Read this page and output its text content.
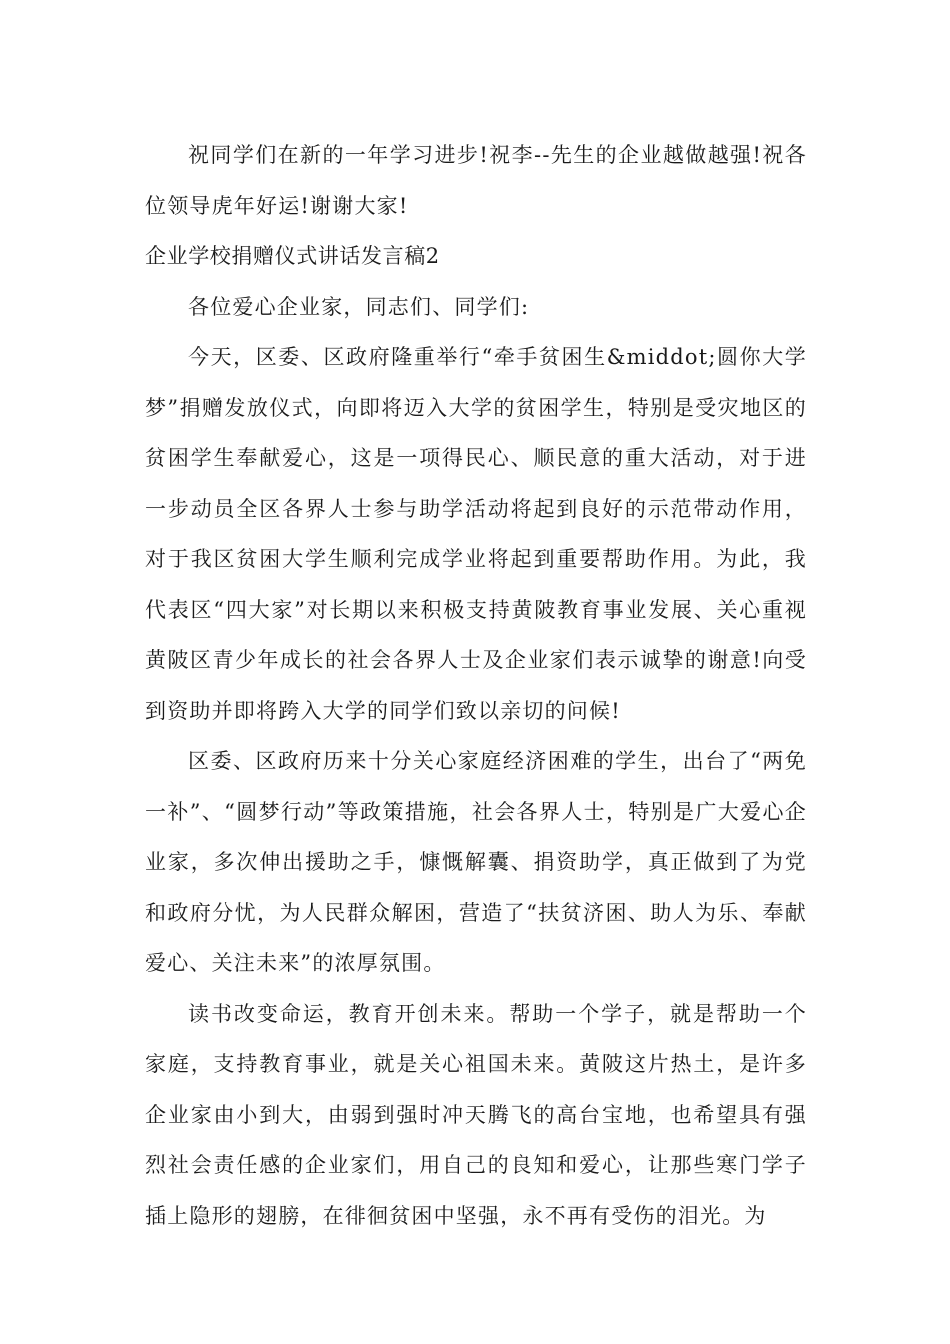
祝同学们在新的一年学习进步!祝李--先生的企业越做越强!祝各位领导虎年好运!谢谢大家!

企业学校捐赠仪式讲话发言稿2

各位爱心企业家，同志们、同学们:

今天，区委、区政府隆重举行“牵手贫困生&middot;圆你大学梦”捐赠发放仪式，向即将迈入大学的贫困学生，特别是受灾地区的贫困学生奉献爱心，这是一项得民心、顺民意的重大活动，对于进一步动员全区各界人士参与助学活动将起到良好的示范带动作用，对于我区贫困大学生顺利完成学业将起到重要帮助作用。为此，我代表区“四大家”对长期以来积极支持黄陂教育事业发展、关心重视黄陂区青少年成长的社会各界人士及企业家们表示诚挚的谢意!向受到资助并即将跨入大学的同学们致以亲切的问候!

区委、区政府历来十分关心家庭经济困难的学生，出台了“两免一补”、“圆梦行动”等政策措施，社会各界人士，特别是广大爱心企业家，多次伸出援助之手，慷慨解囊、捐资助学，真正做到了为党和政府分忧，为人民群众解困，营造了“扶贫济困、助人为乐、奉献爱心、关注未来”的浓厚氛围。

读书改变命运，教育开创未来。帮助一个学子，就是帮助一个家庭，支持教育事业，就是关心祖国未来。黄陂这片热土，是许多企业家由小到大，由弱到强时冲天腾飞的高台宝地，也希望具有强烈社会责任感的企业家们，用自己的良知和爱心，让那些寒门学子插上隐形的翅膀，在徘徊贫困中坚强，永不再有受伤的泪光。为
